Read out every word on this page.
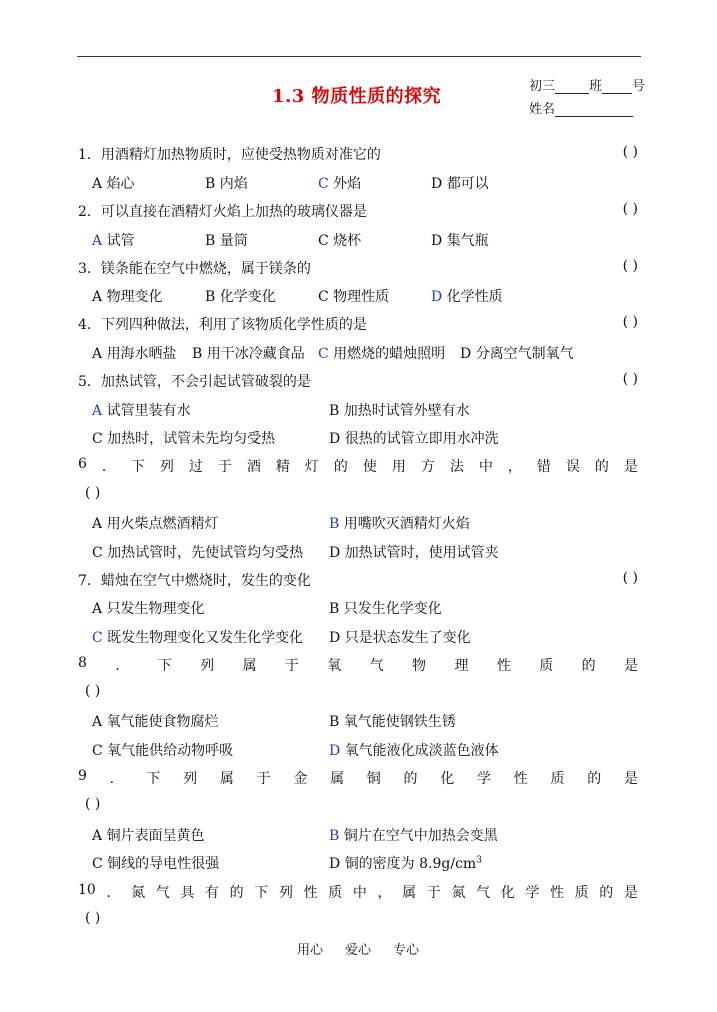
1.3 物质性质的探究	初三	班 号
姓名
1．用酒精灯加热物质时，应使受热物质对准它的	( )
A 焰心	B 内焰	C 外焰	D 都可以
2．可以直接在酒精灯火焰上加热的玻璃仪器是	( )
A 试管	B 量筒	C 烧杯	D 集气瓶
3．镁条能在空气中燃烧，属于镁条的	( )
A 物理变化	B 化学变化	C 物理性质	D 化学性质
4．下列四种做法，利用了该物质化学性质的是	( )
A 用海水晒盐 B 用干冰冷藏食品 C 用燃烧的蜡烛照明 D 分离空气制氧气
5．加热试管，不会引起试管破裂的是	( )
A 试管里装有水	B 加热时试管外壁有水
C 加热时，试管未先均匀受热	D 很热的试管立即用水冲洗
6 ． 下 列 过 于 酒 精 灯 的 使 用 方 法 中 ， 错 误 的 是
( )
A 用火柴点燃酒精灯	B 用嘴吹灭酒精灯火焰
C 加热试管时，先使试管均匀受热 D 加热试管时，使用试管夹
7．蜡烛在空气中燃烧时，发生的变化	( )
A 只发生物理变化	B 只发生化学变化
C 既发生物理变化又发生化学变化 D 只是状态发生了变化
8 ． 下 列 属 于 氧 气 物 理 性 质 的 是
( )
A 氧气能使食物腐烂	B 氧气能使钢铁生锈
C 氧气能供给动物呼吸	D 氧气能液化成淡蓝色液体
9 ． 下 列 属 于 金 属 铜 的 化 学 性 质 的 是
( )
A 铜片表面呈黄色	B 铜片在空气中加热会变黑
C 铜线的导电性很强	D 铜的密度为 $8.9g/cm^3$
10 ． 氮 气 具 有 的 下 列 性 质 中 ， 属 于 氮 气 化 学 性 质 的 是
( )
用心 爱心 专心
